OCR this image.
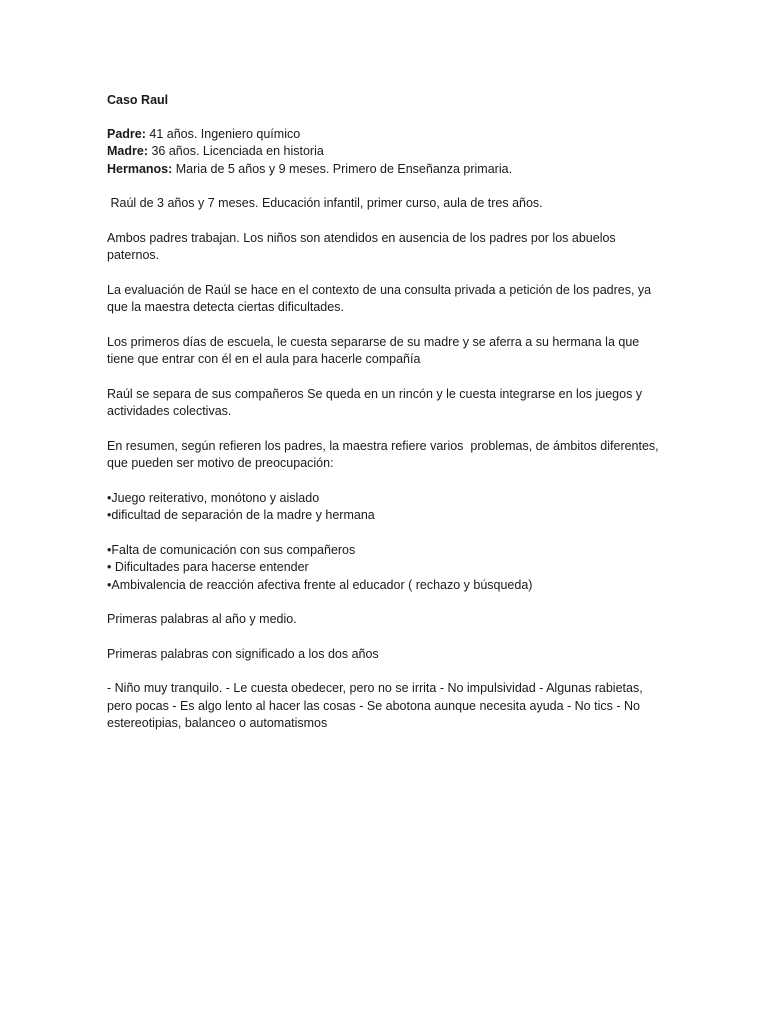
Caso Raul
Padre: 41 años. Ingeniero químico
Madre: 36 años. Licenciada en historia
Hermanos: Maria de 5 años y 9 meses. Primero de Enseñanza primaria.
Raúl de 3 años y 7 meses. Educación infantil, primer curso, aula de tres años.
Ambos padres trabajan. Los niños son atendidos en ausencia de los padres por los abuelos paternos.
La evaluación de Raúl se hace en el contexto de una consulta privada a petición de los padres, ya que la maestra detecta ciertas dificultades.
Los primeros días de escuela, le cuesta separarse de su madre y se aferra a su hermana la que tiene que entrar con él en el aula para hacerle compañía
Raúl se separa de sus compañeros Se queda en un rincón y le cuesta integrarse en los juegos y actividades colectivas.
En resumen, según refieren los padres, la maestra refiere varios  problemas, de ámbitos diferentes, que pueden ser motivo de preocupación:
•Juego reiterativo, monótono y aislado
•dificultad de separación de la madre y hermana
•Falta de comunicación con sus compañeros
• Dificultades para hacerse entender
•Ambivalencia de reacción afectiva frente al educador ( rechazo y búsqueda)
Primeras palabras al año y medio.
Primeras palabras con significado a los dos años
- Niño muy tranquilo. - Le cuesta obedecer, pero no se irrita - No impulsividad - Algunas rabietas, pero pocas - Es algo lento al hacer las cosas - Se abotona aunque necesita ayuda - No tics - No estereotipias, balanceo o automatismos
